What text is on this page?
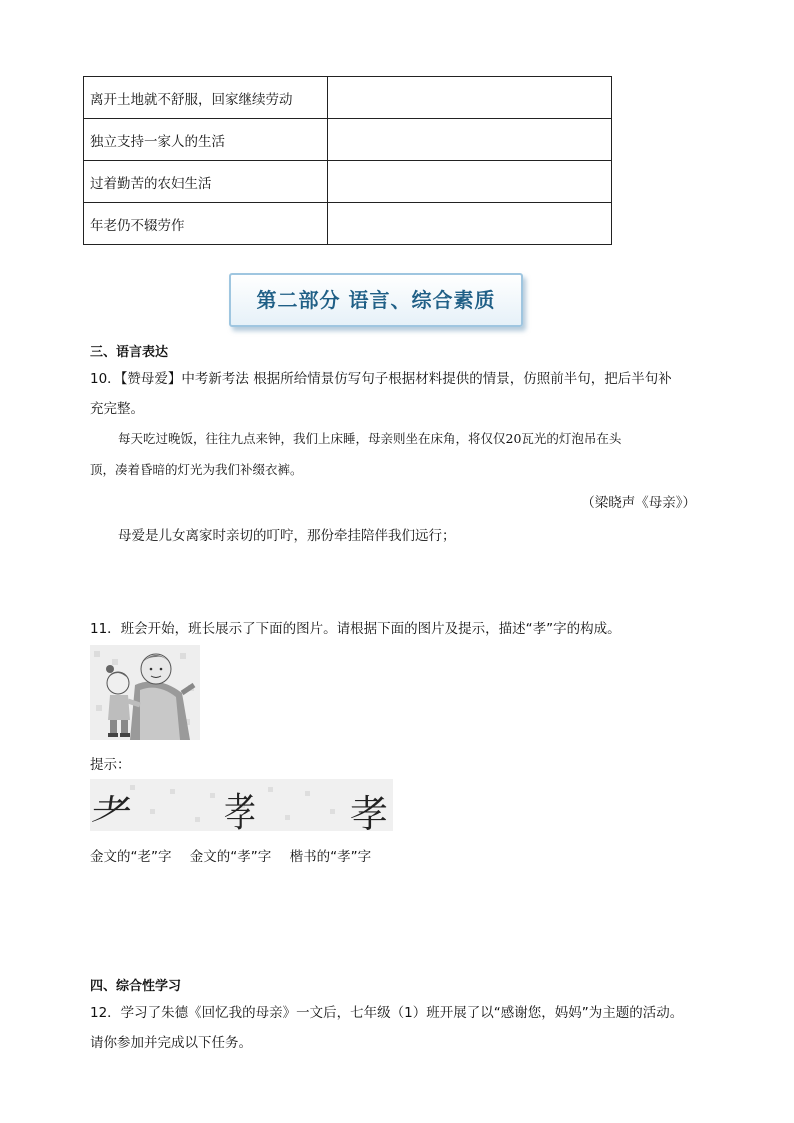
离开土地就不舒服，回家继续劳动	
独立支持一家人的生活	
过着勤苦的农妇生活	
年老仍不辍劳作	
第二部分 语言、综合素质
三、语言表达
10．【赞母爱】中考新考法 根据所给情景仿写句子根据材料提供的情景，仿照前半句，把后半句补
充完整。
每天吃过晚饭，往往九点来钟，我们上床睡，母亲则坐在床角，将仅仅20瓦光的灯泡吊在头
顶，凑着昏暗的灯光为我们补缀衣裤。
（梁晓声《母亲》）
母爱是儿女离家时亲切的叮咛，那份牵挂陪伴我们远行；
11．班会开始，班长展示了下面的图片。请根据下面的图片及提示，描述“孝”字的构成。
提示：
耂 孝 孝
金文的“老”字 金文的“孝”字 楷书的“孝”字
四、综合性学习
12．学习了朱德《回忆我的母亲》一文后，七年级（1）班开展了以“感谢您，妈妈”为主题的活动。
请你参加并完成以下任务。
